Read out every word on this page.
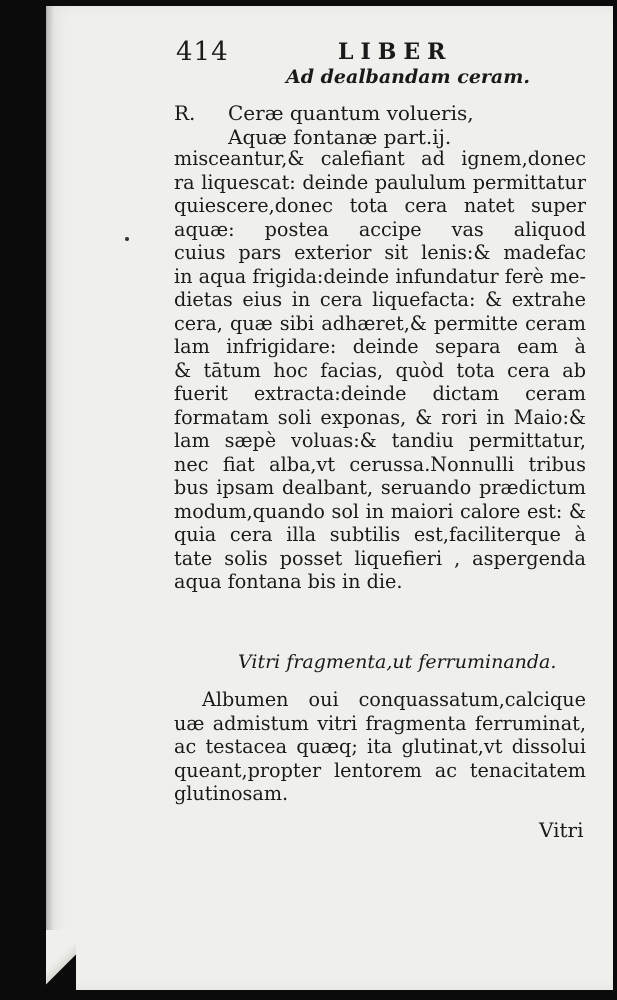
414	LIBER
Ad dealbandam ceram.
R. Ceræ quantum volueris,
Aquæ fontanæ part.ij.
misceantur,& calefiant ad ignem,donec
ra liquescat: deinde paululum permittatur
quiescere,donec tota cera natet super
aquæ: postea accipe vas aliquod
cuius pars exterior sit lenis:& madefac
in aqua frigida:deinde infundatur ferè me-
dietas eius in cera liquefacta: & extrahe
cera, quæ sibi adhæret,& permitte ceram
lam infrigidare: deinde separa eam à
& tātum hoc facias, quòd tota cera ab
fuerit extracta:deinde dictam ceram
formatam soli exponas, & rori in Maio:&
lam sæpè voluas:& tandiu permittatur,
nec fiat alba,vt cerussa.Nonnulli tribus
bus ipsam dealbant, seruando prædictum
modum,quando sol in maiori calore est: &
quia cera illa subtilis est,faciliterque à
tate solis posset liquefieri , aspergenda
aqua fontana bis in die.
Vitri fragmenta,ut ferruminanda.
Albumen oui conquassatum,calcique
uæ admistum vitri fragmenta ferruminat,
ac testacea quæq; ita glutinat,vt dissolui
queant,propter lentorem ac tenacitatem
glutinosam.
Vitri
